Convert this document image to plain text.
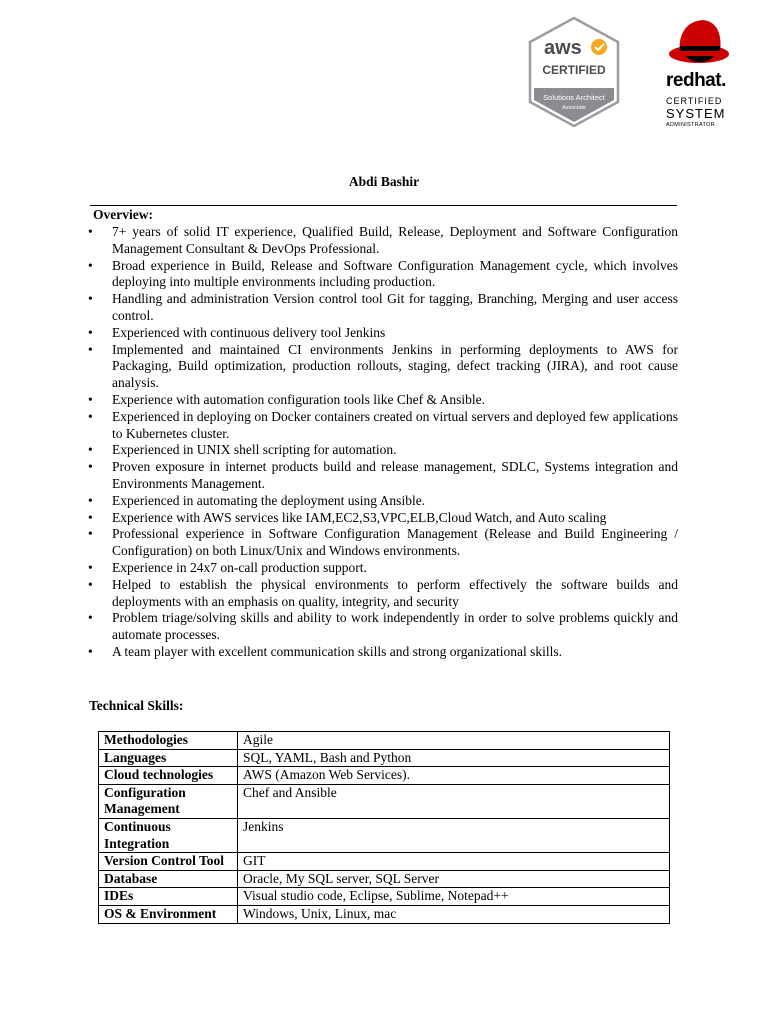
aws
CERTIFIED
Solutions Architect
Associate
redhat.
CERTIFIED
SYSTEM
ADMINISTRATOR
Abdi Bashir
Overview:
• 7+ years of solid IT experience, Qualified Build, Release, Deployment and Software Configuration Management Consultant & DevOps Professional.
• Broad experience in Build, Release and Software Configuration Management cycle, which involves deploying into multiple environments including production.
• Handling and administration Version control tool Git for tagging, Branching, Merging and user access control.
• Experienced with continuous delivery tool Jenkins
• Implemented and maintained CI environments Jenkins in performing deployments to AWS for Packaging, Build optimization, production rollouts, staging, defect tracking (JIRA), and root cause analysis.
• Experience with automation configuration tools like Chef & Ansible.
• Experienced in deploying on Docker containers created on virtual servers and deployed few applications to Kubernetes cluster.
• Experienced in UNIX shell scripting for automation.
• Proven exposure in internet products build and release management, SDLC, Systems integration and Environments Management.
• Experienced in automating the deployment using Ansible.
• Experience with AWS services like IAM,EC2,S3,VPC,ELB,Cloud Watch, and Auto scaling
• Professional experience in Software Configuration Management (Release and Build Engineering / Configuration) on both Linux/Unix and Windows environments.
• Experience in 24x7 on-call production support.
• Helped to establish the physical environments to perform effectively the software builds and deployments with an emphasis on quality, integrity, and security
• Problem triage/solving skills and ability to work independently in order to solve problems quickly and automate processes.
• A team player with excellent communication skills and strong organizational skills.
Technical Skills:
Methodologies	Agile
Languages	SQL, YAML, Bash and Python
Cloud technologies	AWS (Amazon Web Services).
Configuration Management	Chef and Ansible
Continuous Integration	Jenkins
Version Control Tool	GIT
Database	Oracle, My SQL server, SQL Server
IDEs	Visual studio code, Eclipse, Sublime, Notepad++
OS & Environment	Windows, Unix, Linux, mac
